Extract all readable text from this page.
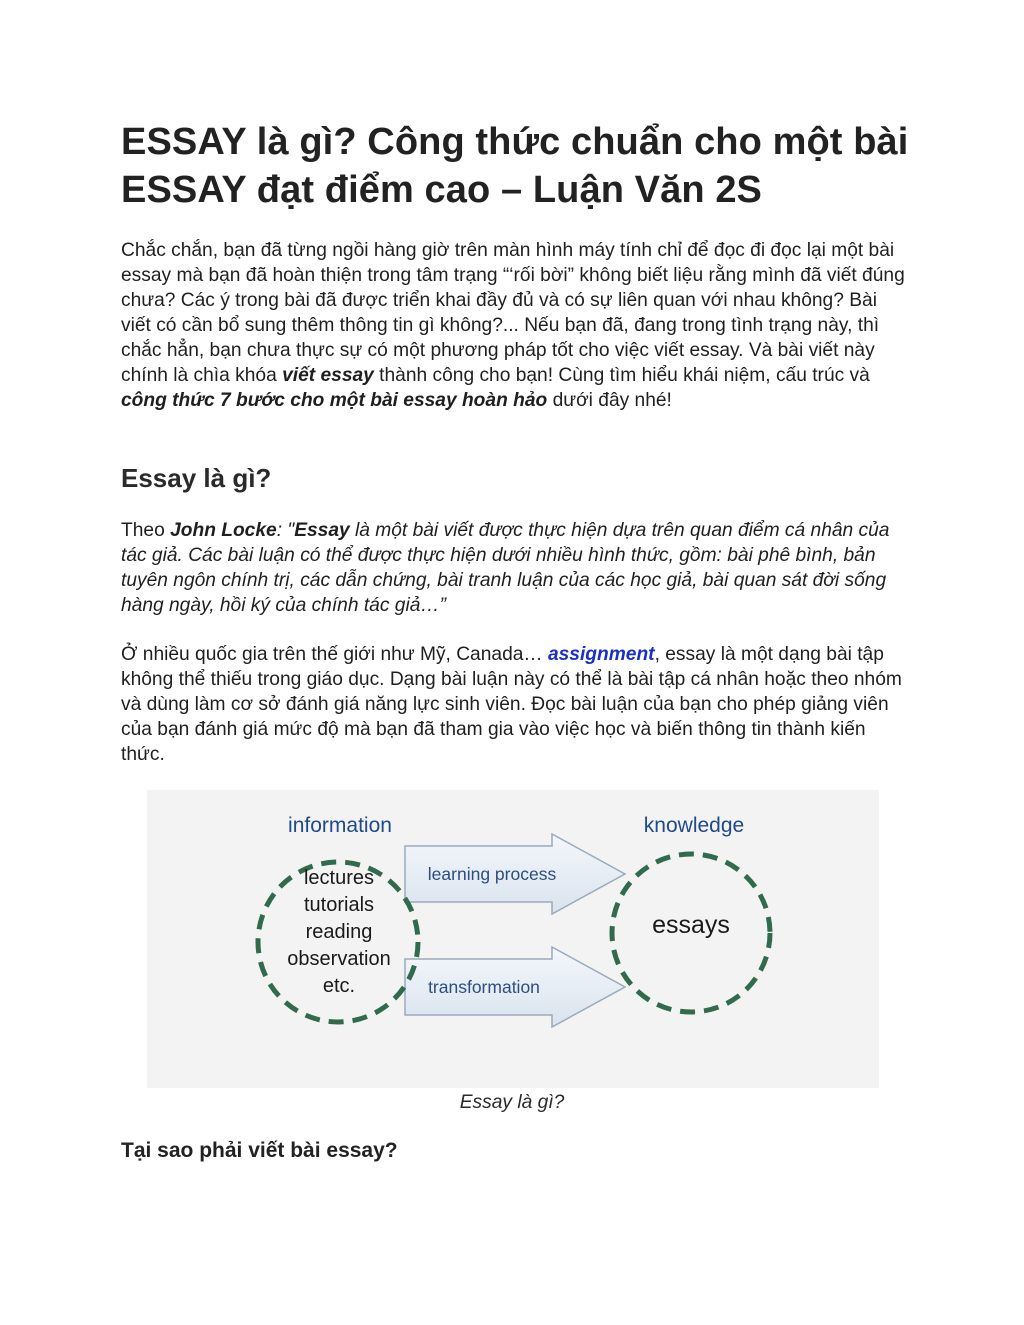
ESSAY là gì? Công thức chuẩn cho một bài ESSAY đạt điểm cao – Luận Văn 2S

Chắc chắn, bạn đã từng ngồi hàng giờ trên màn hình máy tính chỉ để đọc đi đọc lại một bài essay mà bạn đã hoàn thiện trong tâm trạng “‘rối bời” không biết liệu rằng mình đã viết đúng chưa? Các ý trong bài đã được triển khai đầy đủ và có sự liên quan với nhau không? Bài viết có cần bổ sung thêm thông tin gì không?... Nếu bạn đã, đang trong tình trạng này, thì chắc hẳn, bạn chưa thực sự có một phương pháp tốt cho việc viết essay. Và bài viết này chính là chìa khóa viết essay thành công cho bạn! Cùng tìm hiểu khái niệm, cấu trúc và công thức 7 bước cho một bài essay hoàn hảo dưới đây nhé!

Essay là gì?

Theo John Locke: "Essay là một bài viết được thực hiện dựa trên quan điểm cá nhân của tác giả. Các bài luận có thể được thực hiện dưới nhiều hình thức, gồm: bài phê bình, bản tuyên ngôn chính trị, các dẫn chứng, bài tranh luận của các học giả, bài quan sát đời sống hàng ngày, hồi ký của chính tác giả…”

Ở nhiều quốc gia trên thế giới như Mỹ, Canada… assignment, essay là một dạng bài tập không thể thiếu trong giáo dục. Dạng bài luận này có thể là bài tập cá nhân hoặc theo nhóm và dùng làm cơ sở đánh giá năng lực sinh viên. Đọc bài luận của bạn cho phép giảng viên của bạn đánh giá mức độ mà bạn đã tham gia vào việc học và biến thông tin thành kiến thức.

Tại sao phải viết bài essay?
information	knowledge
learning process
transformation
lectures
tutorials
reading
observation
etc.
essays
Essay là gì?
